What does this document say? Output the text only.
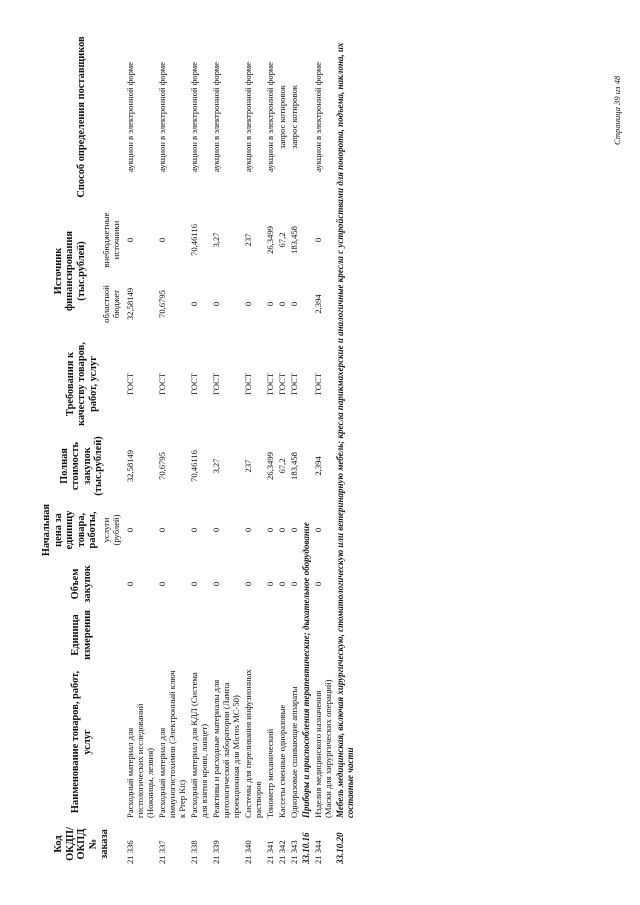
Код ОКДП/ ОКПД № заказа	Наименование товаров, работ, услуг	Единица измерения	Объем закупок	Начальная цена за единицу товара, работы,	Полная стоимость закупок (тыс.рублей)	Требования к качеству товаров, работ, услуг	Источник финансирования (тыс.рублей)		Способ определения поставщиков
				услуги (рублей)			областной бюджет	внебюджетные источники	
21 336	Расходный материал для гистологических исследований (Ножницы, лезвия)		0	0	32,58149	ГОСТ	32,58149	0	аукцион в электронной форме
21 337	Расходный материал для иммуногистохимии (Электронный ключ к Prep Kit)		0	0	70,6795	ГОСТ	70,6795	0	аукцион в электронной форме
21 338	Расходный материал для КДЛ (Система для взятия крови, ланцет)		0	0	70,46116	ГОСТ	0	70,46116	аукцион в электронной форме
21 339	Реактивы и расходные материалы для цитологической лаборатории (Лампа проекционная для Micros MC-50)		0	0	3,27	ГОСТ	0	3,27	аукцион в электронной форме
21 340	Системы для переливания инфузионных растворов		0	0	237	ГОСТ	0	237	аукцион в электронной форме
21 341	Тонометр механический		0	0	26,3499	ГОСТ	0	26,3499	аукцион в электронной форме
21 342	Кассеты сменные одноразовые		0	0	67,2	ГОСТ	0	67,2	запрос котировок
21 343	Одноразовые сшивающие аппараты		0	0	183,458	ГОСТ	0	183,458	запрос котировок
33.10.16	Приборы и приспособления терапевтические; дыхательное оборудование								
21 344	Изделия медицинского назначения (Маски для хирургических операций)		0	0	2,394	ГОСТ	2,394	0	аукцион в электронной форме
33.10.20	Мебель медицинская, включая хирургическую, стоматологическую или ветеринарную мебель; кресла парикмахерские и аналогичные кресла с устройствами для поворота, подъема, наклона, их составные части								
Страница 39 из 48
